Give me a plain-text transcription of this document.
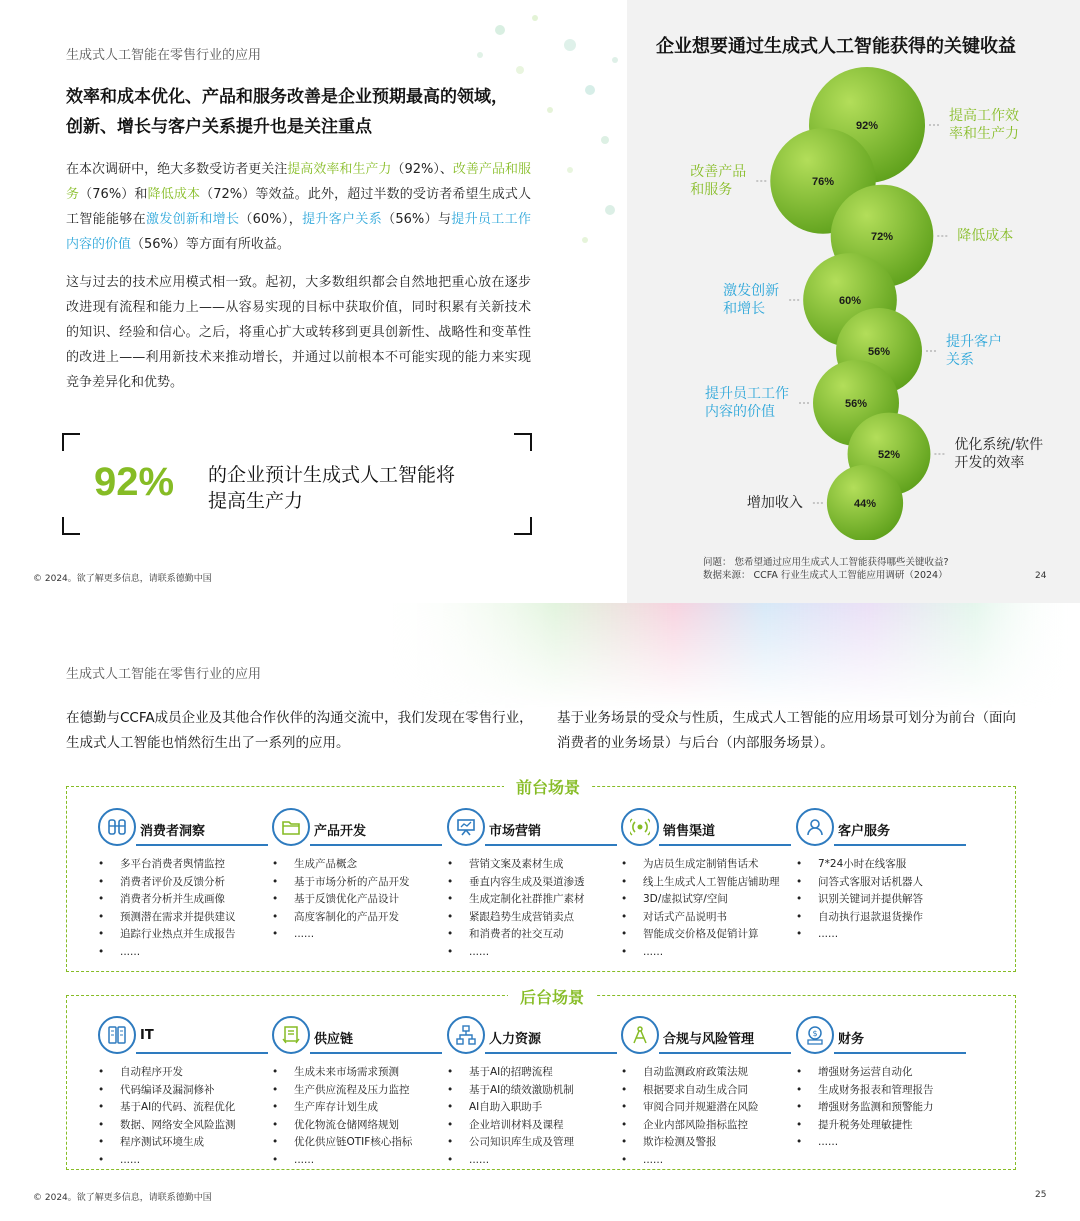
生成式人工智能在零售行业的应用
效率和成本优化、产品和服务改善是企业预期最高的领域，
创新、增长与客户关系提升也是关注重点
在本次调研中，绝大多数受访者更关注提高效率和生产力（92%）、改善产品和服务（76%）和降低成本（72%）等效益。此外，超过半数的受访者希望生成式人工智能能够在激发创新和增长（60%），提升客户关系（56%）与提升员工工作内容的价值（56%）等方面有所收益。
这与过去的技术应用模式相一致。起初，大多数组织都会自然地把重心放在逐步改进现有流程和能力上——从容易实现的目标中获取价值，同时积累有关新技术的知识、经验和信心。之后，将重心扩大或转移到更具创新性、战略性和变革性的改进上——利用新技术来推动增长，并通过以前根本不可能实现的能力来实现竞争差异化和优势。
92% 的企业预计生成式人工智能将
提高生产力
© 2024。欲了解更多信息，请联系德勤中国
企业想要通过生成式人工智能获得的关键收益
92%
76%
72%
60%
56%
56%
52%
44%
问题： 您希望通过应用生成式人工智能获得哪些关键收益?
数据来源： CCFA 行业生成式人工智能应用调研（2024）	24
提高工作效
率和生产力
改善产品
和服务
降低成本
激发创新
和增长
提升客户
关系
提升员工工作
内容的价值
优化系统/软件
开发的效率
增加收入
生成式人工智能在零售行业的应用
在德勤与CCFA成员企业及其他合作伙伴的沟通交流中，我们发现在零售行业，生成式人工智能也悄然衍生出了一系列的应用。
基于业务场景的受众与性质，生成式人工智能的应用场景可划分为前台（面向消费者的业务场景）与后台（内部服务场景）。
前台场景
消费者洞察
• 多平台消费者舆情监控
• 消费者评价及反馈分析
• 消费者分析并生成画像
• 预测潜在需求并提供建议
• 追踪行业热点并生成报告
• ......
产品开发
• 生成产品概念
• 基于市场分析的产品开发
• 基于反馈优化产品设计
• 高度客制化的产品开发
• ......
市场营销
• 营销文案及素材生成
• 垂直内容生成及渠道渗透
• 生成定制化社群推广素材
• 紧跟趋势生成营销卖点
• 和消费者的社交互动
• ......
销售渠道
• 为店员生成定制销售话术
• 线上生成式人工智能店铺助理
• 3D/虚拟试穿/空间
• 对话式产品说明书
• 智能成交价格及促销计算
• ......
客户服务
• 7*24小时在线客服
• 问答式客服对话机器人
• 识别关键词并提供解答
• 自动执行退款退货操作
• ......
后台场景
IT
• 自动程序开发
• 代码编译及漏洞修补
• 基于AI的代码、流程优化
• 数据、网络安全风险监测
• 程序测试环境生成
• ......
供应链
• 生成未来市场需求预测
• 生产供应流程及压力监控
• 生产库存计划生成
• 优化物流仓储网络规划
• 优化供应链OTIF核心指标
• ......
人力资源
• 基于AI的招聘流程
• 基于AI的绩效激励机制
• AI自助入职助手
• 企业培训材料及课程
• 公司知识库生成及管理
• ......
合规与风险管理
• 自动监测政府政策法规
• 根据要求自动生成合同
• 审阅合同并规避潜在风险
• 企业内部风险指标监控
• 欺诈检测及警报
• ......
$ 财务
• 增强财务运营自动化
• 生成财务报表和管理报告
• 增强财务监测和预警能力
• 提升税务处理敏捷性
• ......
© 2024。欲了解更多信息，请联系德勤中国	25
